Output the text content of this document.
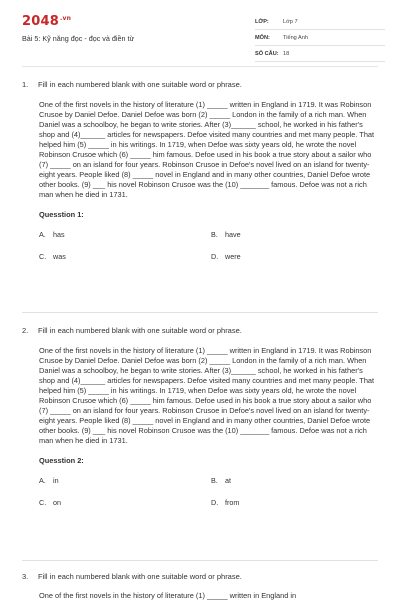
$2048^{.vn}$
Bài 5: Kỹ năng đọc - đọc và điền từ
LỚP:	Lớp 7
MÔN:	Tiếng Anh
SỐ CÂU: 18
1.	Fill in each numbered blank with one suitable word or phrase.
One of the first novels in the history of literature (1) _____ written in England in 1719. It was Robinson Crusoe by Daniel Defoe. Daniel Defoe was born (2) _____ London in the family of a rich man. When Daniel was a schoolboy, he began to write stories. After (3)______ school, he worked in his father's shop and (4)______ articles for newspapers. Defoe visited many countries and met many people. That helped him (5) _____ in his writings. In 1719, when Defoe was sixty years old, he wrote the novel Robinson Crusoe which (6) _____ him famous. Defoe used in his book a true story about a sailor who (7) _____ on an island for four years. Robinson Crusoe in Defoe's novel lived on an island for twenty-eight years. People liked (8) _____ novel in England and in many other countries, Daniel Defoe wrote other books. (9) ___ his novel Robinson Crusoe was the (10) _______ famous. Defoe was not a rich man when he died in 1731.
Quesstion 1:
A.	has	B.	have
C. was	D. were
2.	Fill in each numbered blank with one suitable word or phrase.
One of the first novels in the history of literature (1) _____ written in England in 1719. It was Robinson Crusoe by Daniel Defoe. Daniel Defoe was born (2) _____ London in the family of a rich man. When Daniel was a schoolboy, he began to write stories. After (3)______ school, he worked in his father's shop and (4)______ articles for newspapers. Defoe visited many countries and met many people. That helped him (5) _____ in his writings. In 1719, when Defoe was sixty years old, he wrote the novel Robinson Crusoe which (6) _____ him famous. Defoe used in his book a true story about a sailor who (7) _____ on an island for four years. Robinson Crusoe in Defoe's novel lived on an island for twenty-eight years. People liked (8) _____ novel in England and in many other countries, Daniel Defoe wrote other books. (9) ___ his novel Robinson Crusoe was the (10) _______ famous. Defoe was not a rich man when he died in 1731.
Quesstion 2:
A.	in	B.	at
C. on	D. from
3.	Fill in each numbered blank with one suitable word or phrase.
One of the first novels in the history of literature (1) _____ written in England in
